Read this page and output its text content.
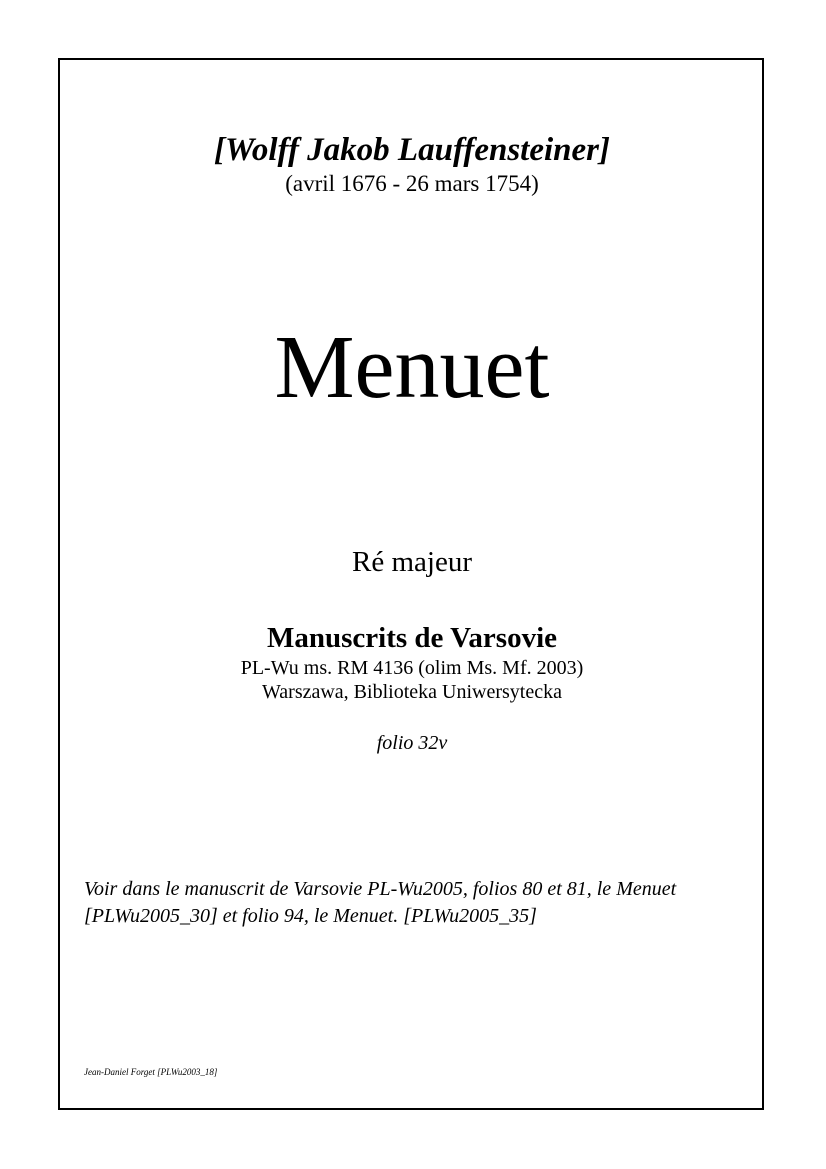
[Wolff Jakob Lauffensteiner]

(avril 1676 - 26 mars 1754)

Menuet

Ré majeur

Manuscrits de Varsovie

PL-Wu ms. RM 4136 (olim Ms. Mf. 2003)

Warszawa, Biblioteka Uniwersytecka

folio 32v

Voir dans le manuscrit de Varsovie PL-Wu2005, folios 80 et 81, le Menuet
[PLWu2005_30] et folio 94, le Menuet. [PLWu2005_35]

Jean-Daniel Forget [PLWu2003_18]
